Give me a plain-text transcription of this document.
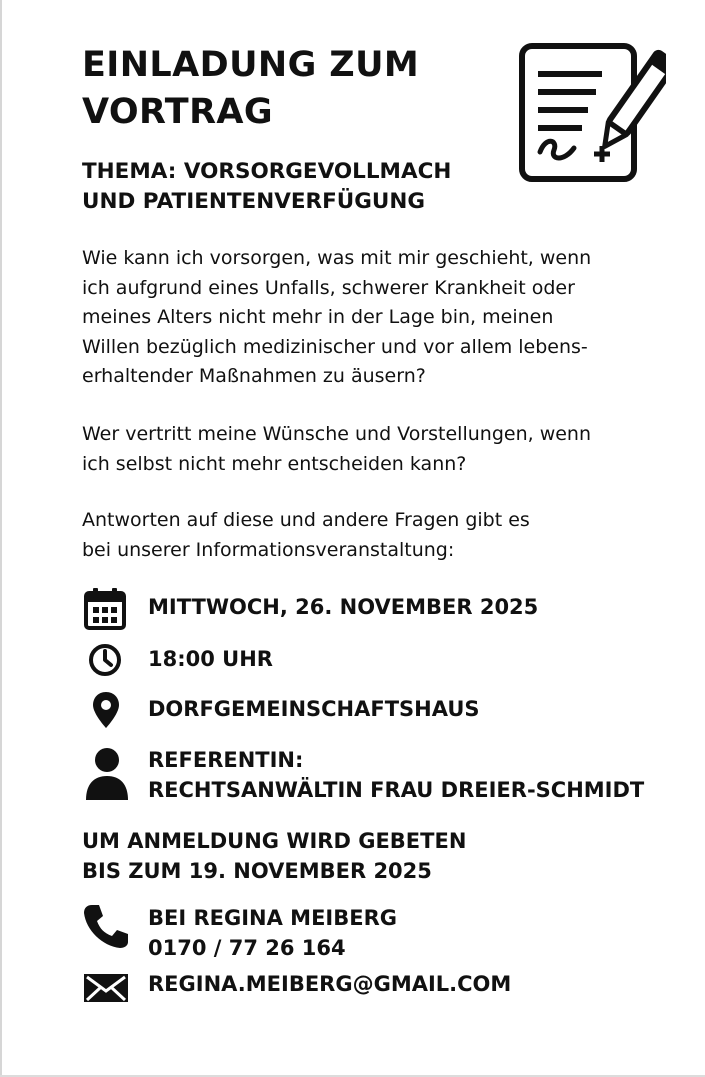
EINLADUNG ZUM
VORTRAG
THEMA: VORSORGEVOLLMACH
UND PATIENTENVERFÜGUNG
Wie kann ich vorsorgen, was mit mir geschieht, wenn
ich aufgrund eines Unfalls, schwerer Krankheit oder
meines Alters nicht mehr in der Lage bin, meinen
Willen bezüglich medizinischer und vor allem lebens-
erhaltender Maßnahmen zu äusern?
Wer vertritt meine Wünsche und Vorstellungen, wenn
ich selbst nicht mehr entscheiden kann?
Antworten auf diese und andere Fragen gibt es
bei unserer Informationsveranstaltung:
MITTWOCH, 26. NOVEMBER 2025
18:00 UHR
DORFGEMEINSCHAFTSHAUS
REFERENTIN:
RECHTSANWÄLTIN FRAU DREIER-SCHMIDT
UM ANMELDUNG WIRD GEBETEN
BIS ZUM 19. NOVEMBER 2025
BEI REGINA MEIBERG
0170 / 77 26 164
REGINA.MEIBERG@GMAIL.COM
